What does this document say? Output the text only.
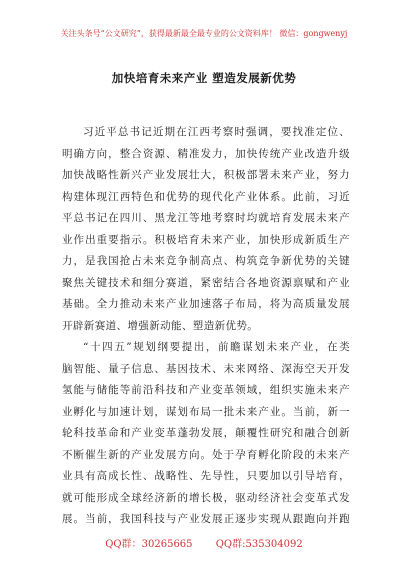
关注头条号“公文研究”，获得最新最全最专业的公文资料库！ 微信：gongwenyj
加快培育未来产业 塑造发展新优势
习近平总书记近期在江西考察时强调，要找准定位、
明确方向，整合资源、精准发力，加快传统产业改造升级
加快战略性新兴产业发展壮大，积极部署未来产业，努力
构建体现江西特色和优势的现代化产业体系。此前，习近
平总书记在四川、黑龙江等地考察时均就培育发展未来产
业作出重要指示。积极培育未来产业，加快形成新质生产
力，是我国抢占未来竞争制高点、构筑竞争新优势的关键
聚焦关键技术和细分赛道，紧密结合各地资源禀赋和产业
基础。全力推动未来产业加速落子布局，将为高质量发展
开辟新赛道、增强新动能、塑造新优势。
“十四五”规划纲要提出，前瞻谋划未来产业，在类
脑智能、量子信息、基因技术、未来网络、深海空天开发
氢能与储能等前沿科技和产业变革领域，组织实施未来产
业孵化与加速计划，谋划布局一批未来产业。当前，新一
轮科技革命和产业变革蓬勃发展，颠覆性研究和融合创新
不断催生新的产业发展方向。处于孕育孵化阶段的未来产
业具有高成长性、战略性、先导性，只要加以引导培育，
就可能形成全球经济新的增长极，驱动经济社会变革式发
展。当前，我国科技与产业发展正逐步实现从跟跑向并跑
QQ群：30265665 QQ群:535304092
